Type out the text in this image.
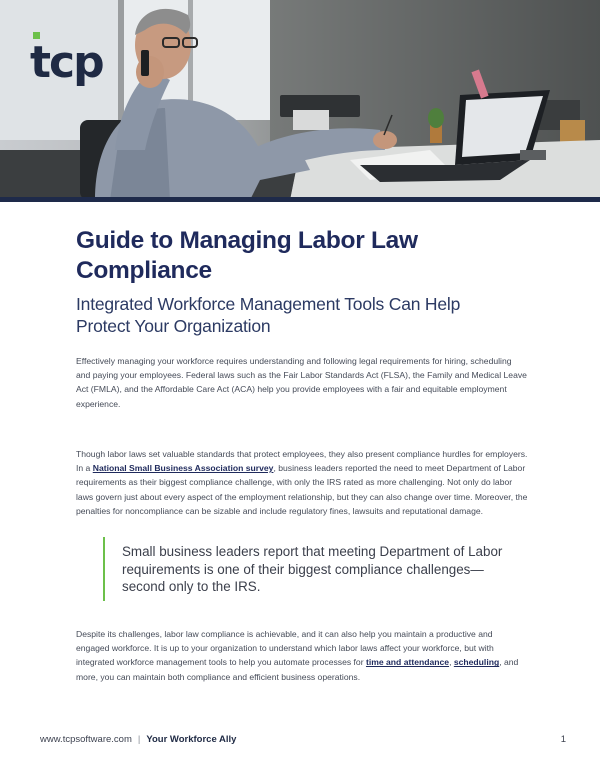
tcp
Guide to Managing Labor Law Compliance
Integrated Workforce Management Tools Can Help Protect Your Organization

Effectively managing your workforce requires understanding and following legal requirements for hiring, scheduling and paying your employees. Federal laws such as the Fair Labor Standards Act (FLSA), the Family and Medical Leave Act (FMLA), and the Affordable Care Act (ACA) help you provide employees with a fair and equitable employment experience.

Though labor laws set valuable standards that protect employees, they also present compliance hurdles for employers. In a National Small Business Association survey, business leaders reported the need to meet Department of Labor requirements as their biggest compliance challenge, with only the IRS rated as more challenging. Not only do labor laws govern just about every aspect of the employment relationship, but they can also change over time. Moreover, the penalties for noncompliance can be sizable and include regulatory fines, lawsuits and reputational damage.

Small business leaders report that meeting Department of Labor requirements is one of their biggest compliance challenges—second only to the IRS.

Despite its challenges, labor law compliance is achievable, and it can also help you maintain a productive and engaged workforce. It is up to your organization to understand which labor laws affect your workforce, but with integrated workforce management tools to help you automate processes for time and attendance, scheduling, and more, you can maintain both compliance and efficient business operations.

www.tcpsoftware.com | Your Workforce Ally	1
